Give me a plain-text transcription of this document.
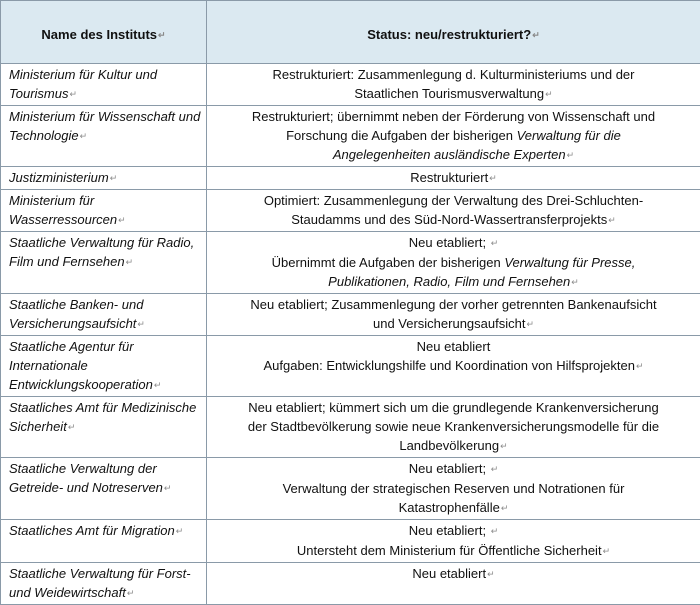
Name des Instituts↵	Status: neu/restrukturiert?↵
Ministerium für Kultur und Tourismus↵	Restrukturiert: Zusammenlegung d. Kulturministeriums und der
Staatlichen Tourismusverwaltung↵

Ministerium für Wissenschaft und Technologie↵	Restrukturiert; übernimmt neben der Förderung von Wissenschaft und
Forschung die Aufgaben der bisherigen Verwaltung für die
Angelegenheiten ausländische Experten↵

Justizministerium↵	Restrukturiert↵

Ministerium für Wasserressourcen↵	Optimiert: Zusammenlegung der Verwaltung des Drei-Schluchten-
Staudamms und des Süd-Nord-Wassertransferprojekts↵

Staatliche Verwaltung für Radio, Film und Fernsehen↵	Neu etabliert; ↵
Übernimmt die Aufgaben der bisherigen Verwaltung für Presse,
Publikationen, Radio, Film und Fernsehen↵

Staatliche Banken- und Versicherungsaufsicht↵	Neu etabliert; Zusammenlegung der vorher getrennten Bankenaufsicht
und Versicherungsaufsicht↵

Staatliche Agentur für Internationale Entwicklungskooperation↵	Neu etabliert
Aufgaben: Entwicklungshilfe und Koordination von Hilfsprojekten↵

Staatliches Amt für Medizinische Sicherheit↵	Neu etabliert; kümmert sich um die grundlegende Krankenversicherung
der Stadtbevölkerung sowie neue Krankenversicherungsmodelle für die
Landbevölkerung↵

Staatliche Verwaltung der Getreide- und Notreserven↵	Neu etabliert; ↵
Verwaltung der strategischen Reserven und Notrationen für
Katastrophenfälle↵

Staatliches Amt für Migration↵	Neu etabliert; ↵
Untersteht dem Ministerium für Öffentliche Sicherheit↵

Staatliche Verwaltung für Forst- und Weidewirtschaft↵	Neu etabliert↵
